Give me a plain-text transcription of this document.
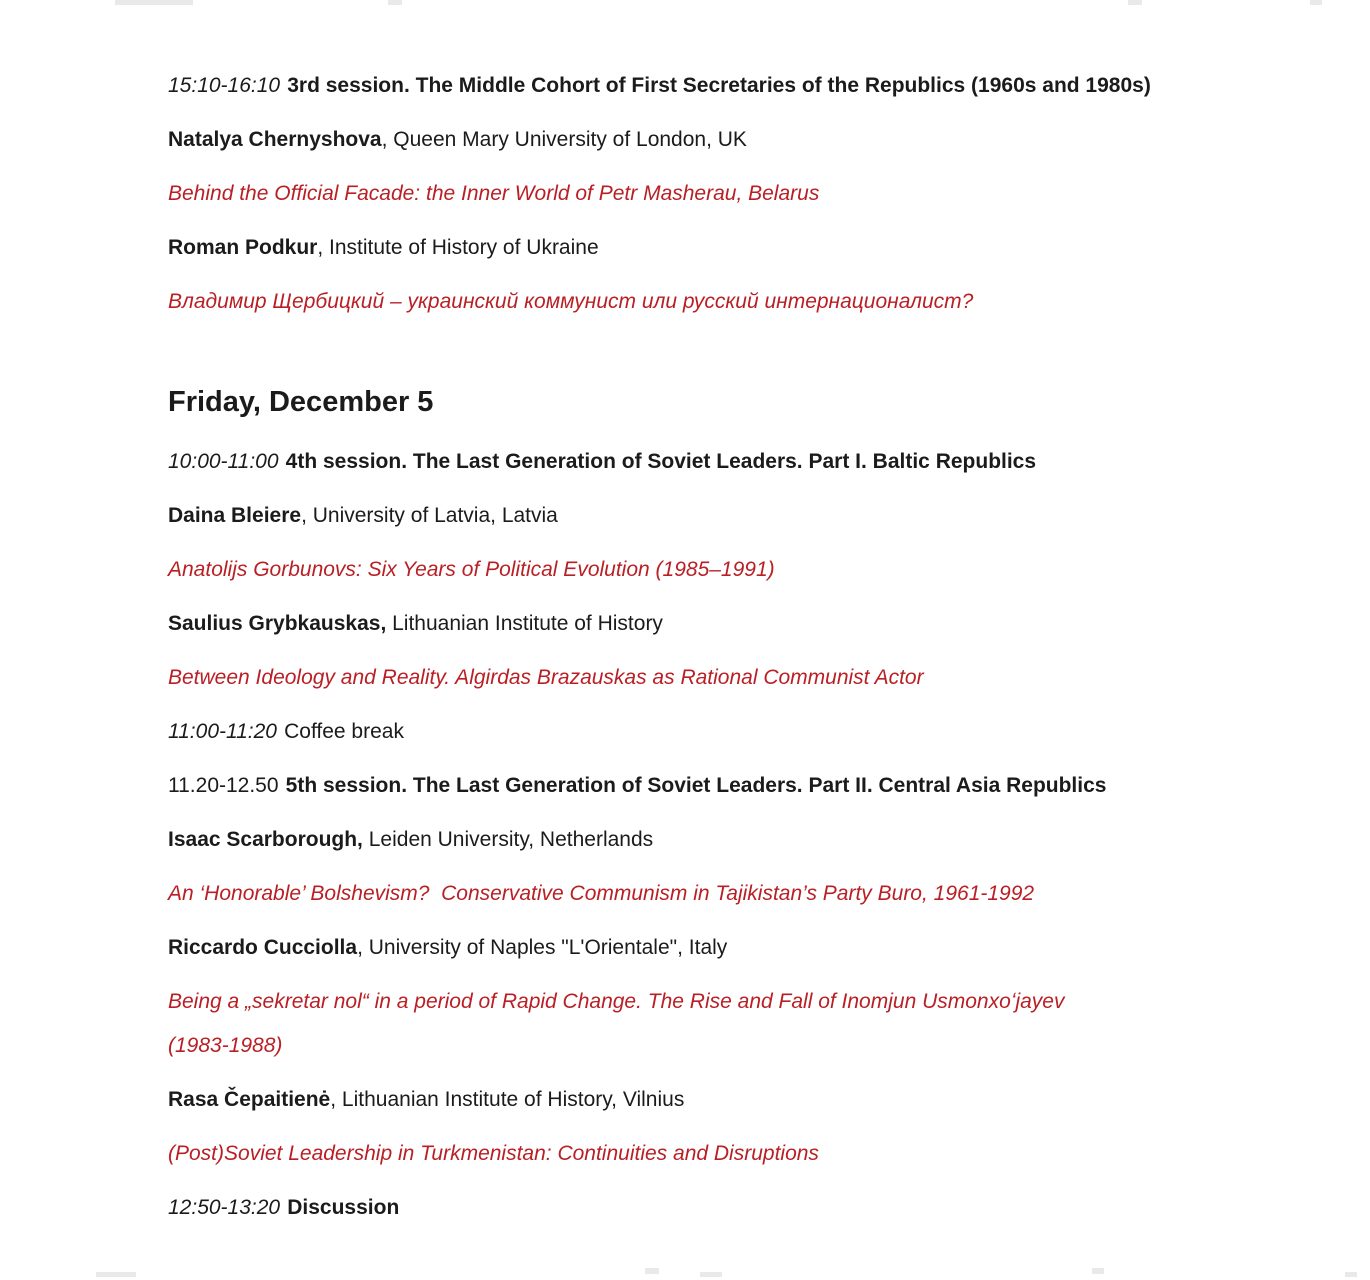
15:10-16:10 3rd session. The Middle Cohort of First Secretaries of the Republics (1960s and 1980s)

Natalya Chernyshova, Queen Mary University of London, UK

Behind the Official Facade: the Inner World of Petr Masherau, Belarus

Roman Podkur, Institute of History of Ukraine

Владимир Щербицкий – украинский коммунист или русский интернационалист?

Friday, December 5

10:00-11:00 4th session. The Last Generation of Soviet Leaders. Part I. Baltic Republics

Daina Bleiere, University of Latvia, Latvia

Anatolijs Gorbunovs: Six Years of Political Evolution (1985–1991)

Saulius Grybkauskas, Lithuanian Institute of History

Between Ideology and Reality. Algirdas Brazauskas as Rational Communist Actor

11:00-11:20 Coffee break

11.20-12.50 5th session. The Last Generation of Soviet Leaders. Part II. Central Asia Republics

Isaac Scarborough, Leiden University, Netherlands

An ‘Honorable’ Bolshevism?  Conservative Communism in Tajikistan’s Party Buro, 1961-1992

Riccardo Cucciolla, University of Naples "L'Orientale", Italy

Being a „sekretar nol“ in a period of Rapid Change. The Rise and Fall of Inomjun Usmonxoʻjayev
(1983-1988)

Rasa Čepaitienė, Lithuanian Institute of History, Vilnius

(Post)Soviet Leadership in Turkmenistan: Continuities and Disruptions

12:50-13:20 Discussion
